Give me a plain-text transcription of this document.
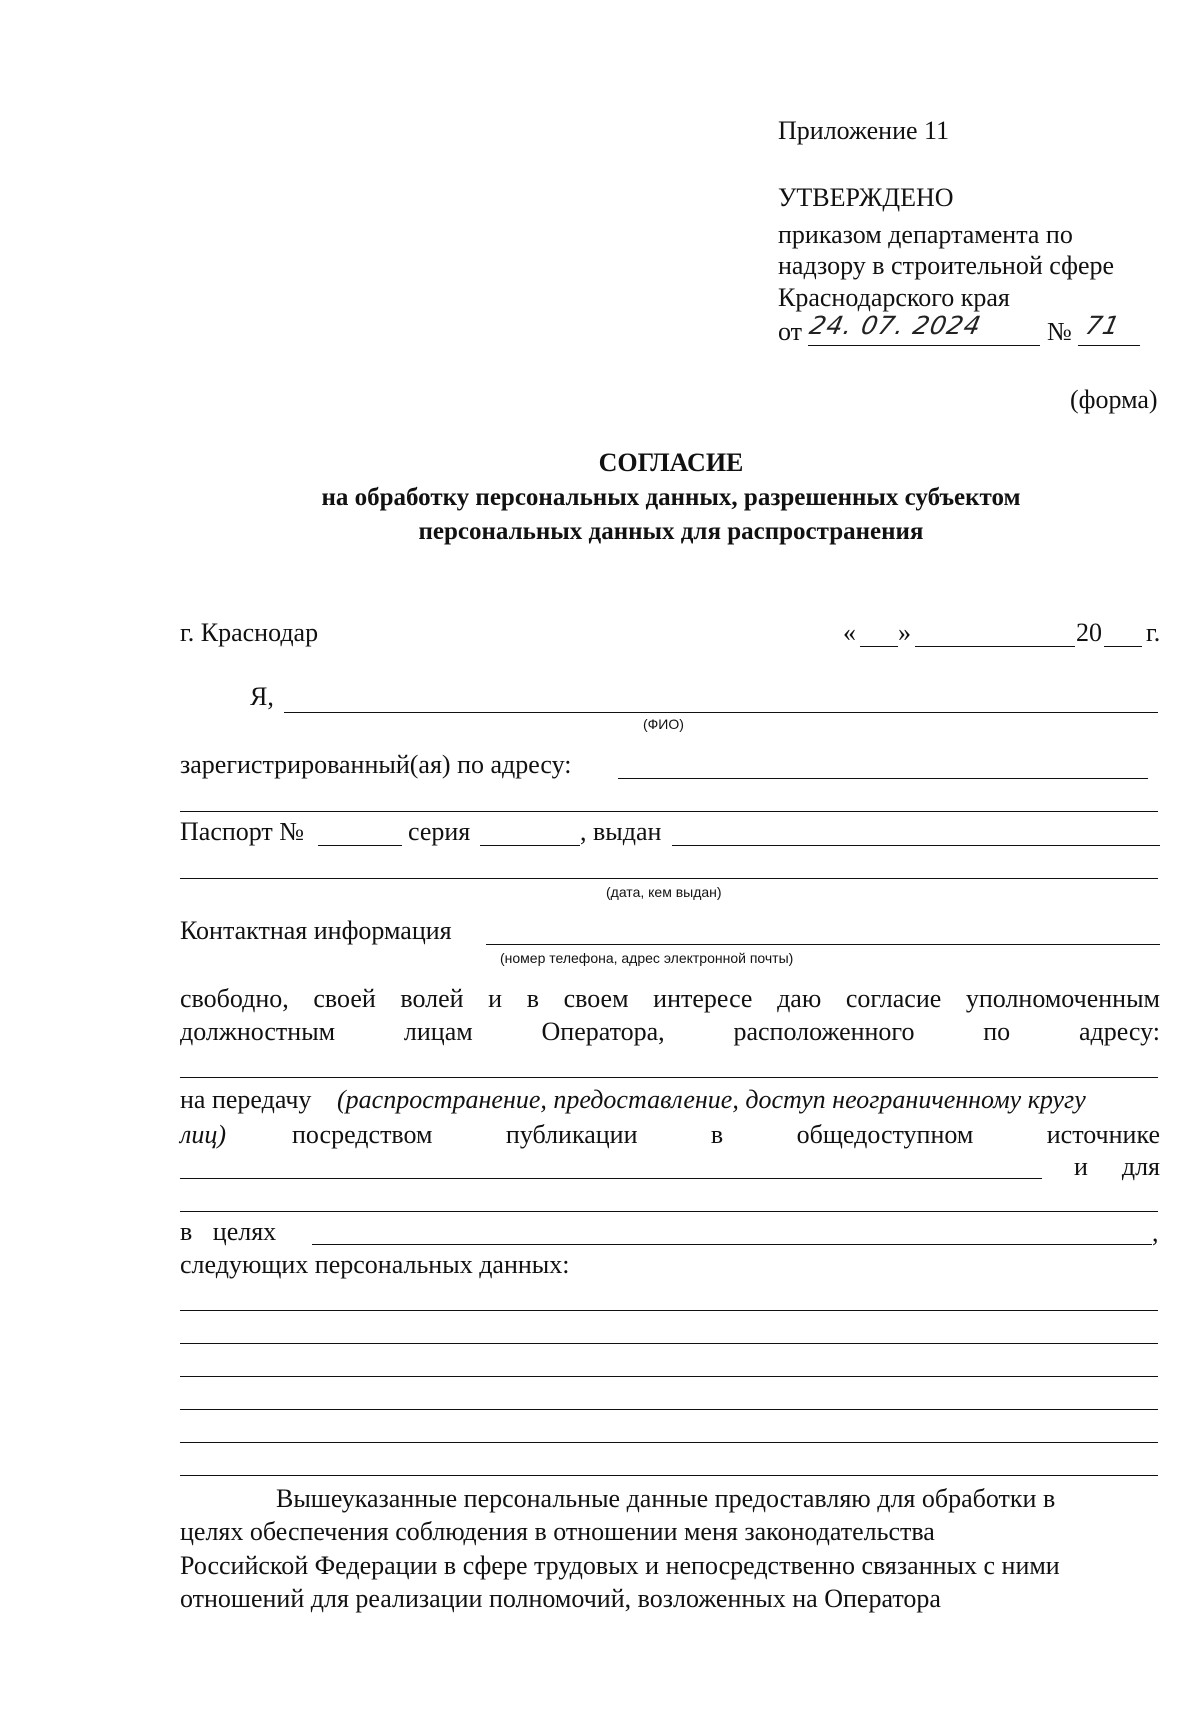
Приложение 11
УТВЕРЖДЕНО
приказом департамента по
надзору в строительной сфере
Краснодарского края
от 24. 07. 2024 № 71
(форма)
СОГЛАСИЕ
на обработку персональных данных, разрешенных субъектом
персональных данных для распространения
г. Краснодар	« »	20 г.
Я,
(ФИО)
зарегистрированный(ая) по адресу:
Паспорт №	серия	, выдан
(дата, кем выдан)
Контактная информация
(номер телефона, адрес электронной почты)
свободно, своей волей и в своем интересе даю согласие уполномоченным
должностным лицам Оператора, расположенного по адресу:
на передачу (распространение, предоставление, доступ неограниченному кругу
лиц)	посредством публикации в общедоступном источнике
и для
в целях	,
следующих персональных данных:
Вышеуказанные персональные данные предоставляю для обработки в
целях обеспечения соблюдения в отношении меня законодательства
Российской Федерации в сфере трудовых и непосредственно связанных с ними
отношений для реализации полномочий, возложенных на Оператора
